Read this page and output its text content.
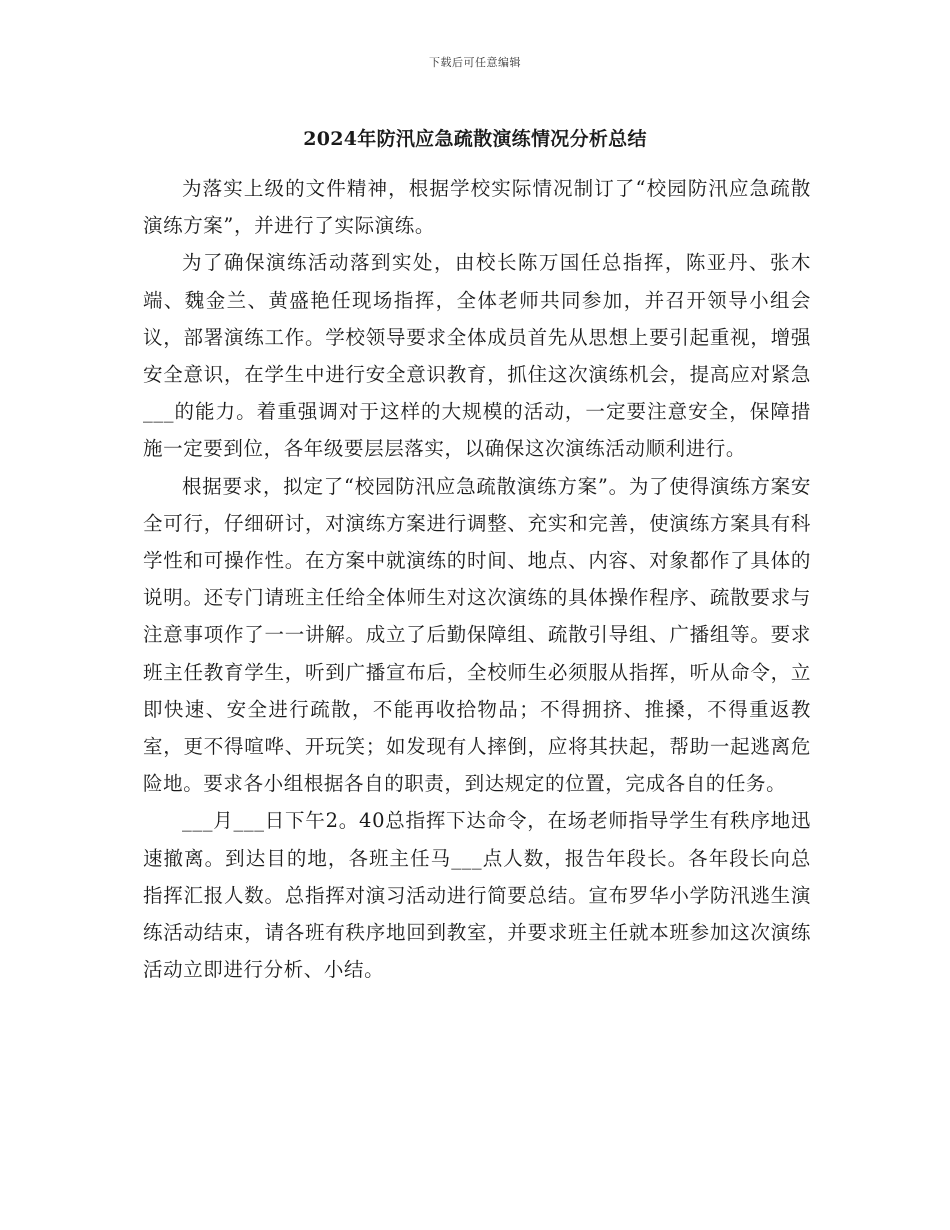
下载后可任意编辑
2024年防汛应急疏散演练情况分析总结

为落实上级的文件精神，根据学校实际情况制订了“校园防汛应急疏散演练方案”，并进行了实际演练。

为了确保演练活动落到实处，由校长陈万国任总指挥，陈亚丹、张木端、魏金兰、黄盛艳任现场指挥，全体老师共同参加，并召开领导小组会议，部署演练工作。学校领导要求全体成员首先从思想上要引起重视，增强安全意识，在学生中进行安全意识教育，抓住这次演练机会，提高应对紧急___的能力。着重强调对于这样的大规模的活动，一定要注意安全，保障措施一定要到位，各年级要层层落实，以确保这次演练活动顺利进行。

根据要求，拟定了“校园防汛应急疏散演练方案”。为了使得演练方案安全可行，仔细研讨，对演练方案进行调整、充实和完善，使演练方案具有科学性和可操作性。在方案中就演练的时间、地点、内容、对象都作了具体的说明。还专门请班主任给全体师生对这次演练的具体操作程序、疏散要求与注意事项作了一一讲解。成立了后勤保障组、疏散引导组、广播组等。要求班主任教育学生，听到广播宣布后，全校师生必须服从指挥，听从命令，立即快速、安全进行疏散，不能再收拾物品；不得拥挤、推搡，不得重返教室，更不得喧哗、开玩笑；如发现有人摔倒，应将其扶起，帮助一起逃离危险地。要求各小组根据各自的职责，到达规定的位置，完成各自的任务。

___月___日下午2。40总指挥下达命令，在场老师指导学生有秩序地迅速撤离。到达目的地，各班主任马___点人数，报告年段长。各年段长向总指挥汇报人数。总指挥对演习活动进行简要总结。宣布罗华小学防汛逃生演练活动结束，请各班有秩序地回到教室，并要求班主任就本班参加这次演练活动立即进行分析、小结。
